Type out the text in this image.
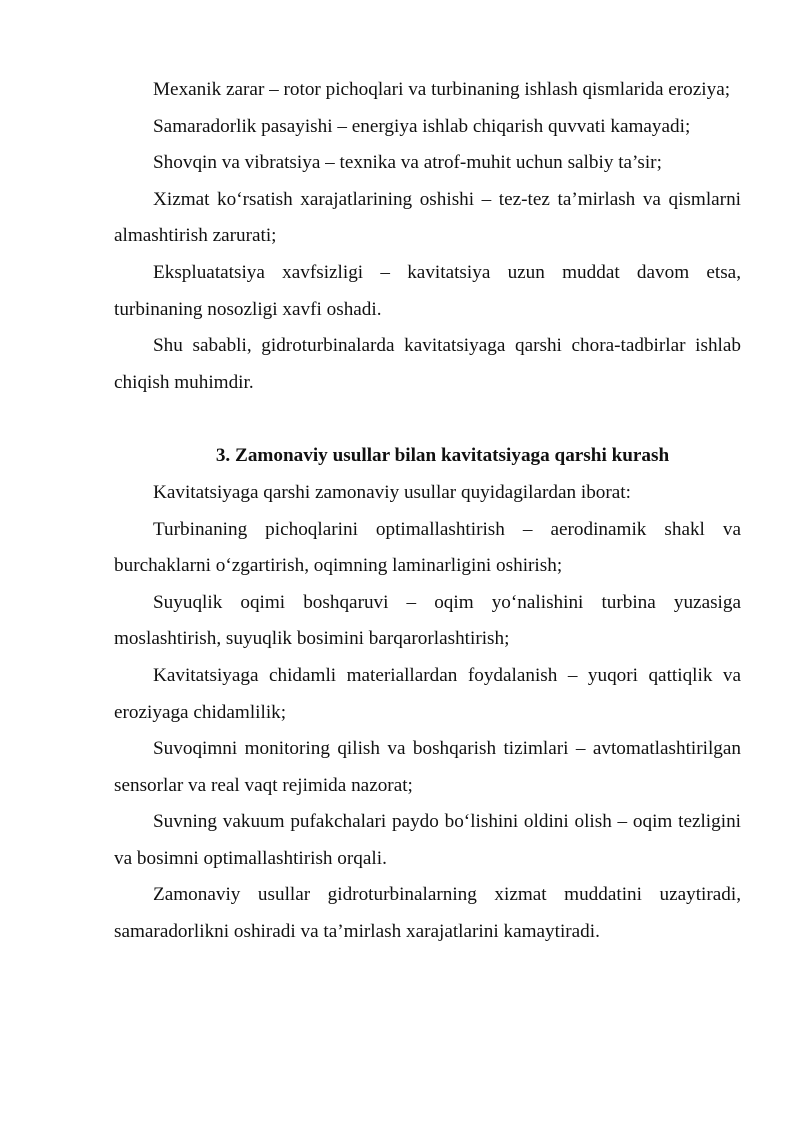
Mexanik zarar – rotor pichoqlari va turbinaning ishlash qismlarida eroziya;

Samaradorlik pasayishi – energiya ishlab chiqarish quvvati kamayadi;

Shovqin va vibratsiya – texnika va atrof-muhit uchun salbiy ta’sir;

Xizmat ko‘rsatish xarajatlarining oshishi – tez-tez ta’mirlash va qismlarni almashtirish zarurati;

Ekspluatatsiya xavfsizligi – kavitatsiya uzun muddat davom etsa, turbinaning nosozligi xavfi oshadi.

Shu sababli, gidroturbinalarda kavitatsiyaga qarshi chora-tadbirlar ishlab chiqish muhimdir.

3. Zamonaviy usullar bilan kavitatsiyaga qarshi kurash

Kavitatsiyaga qarshi zamonaviy usullar quyidagilardan iborat:

Turbinaning pichoqlarini optimallashtirish – aerodinamik shakl va burchaklarni o‘zgartirish, oqimning laminarligini oshirish;

Suyuqlik oqimi boshqaruvi – oqim yo‘nalishini turbina yuzasiga moslashtirish, suyuqlik bosimini barqarorlashtirish;

Kavitatsiyaga chidamli materiallardan foydalanish – yuqori qattiqlik va eroziyaga chidamlilik;

Suvoqimni monitoring qilish va boshqarish tizimlari – avtomatlashtirilgan sensorlar va real vaqt rejimida nazorat;

Suvning vakuum pufakchalari paydo bo‘lishini oldini olish – oqim tezligini va bosimni optimallashtirish orqali.

Zamonaviy usullar gidroturbinalarning xizmat muddatini uzaytiradi, samaradorlikni oshiradi va ta’mirlash xarajatlarini kamaytiradi.
